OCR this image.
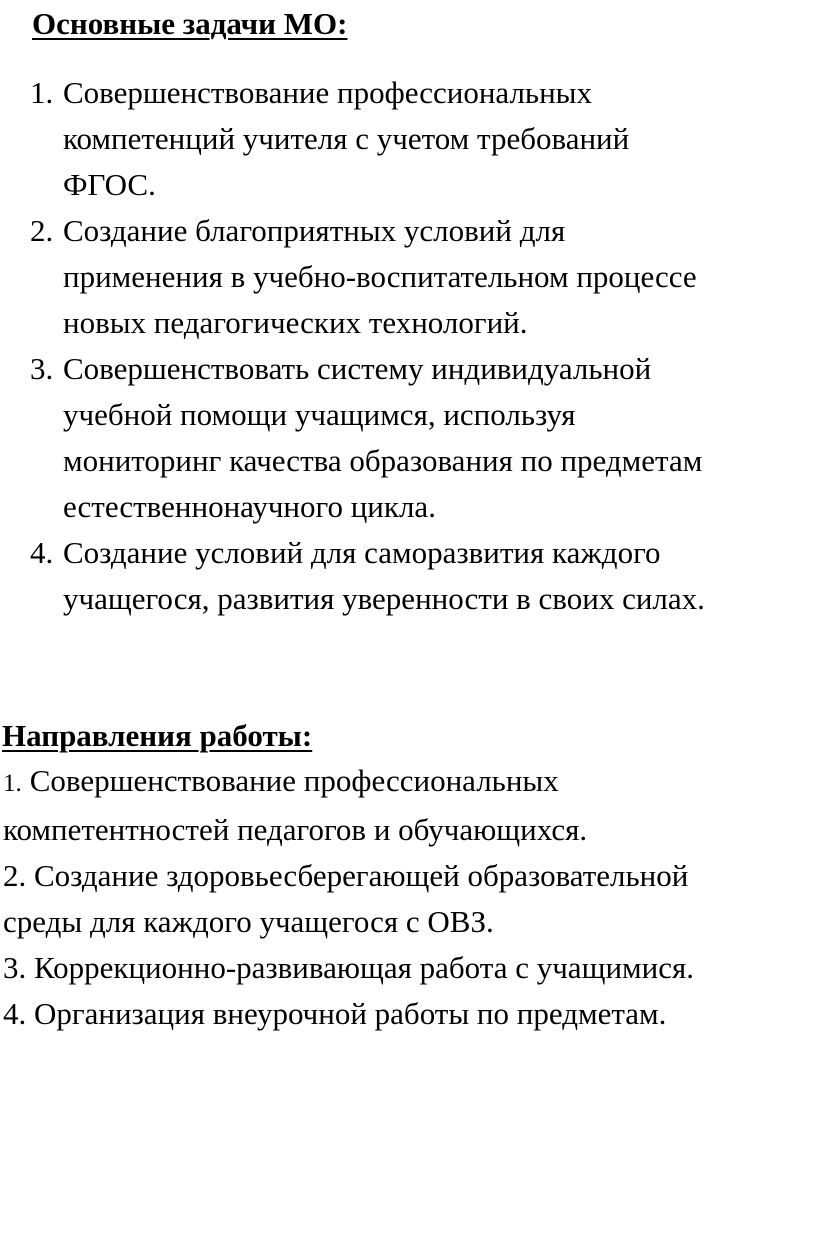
Основные задачи МО:
1. Совершенствование профессиональных
компетенций учителя с учетом требований
ФГОС.
2. Создание благоприятных условий для
применения в учебно-воспитательном процессе
новых педагогических технологий.
3. Совершенствовать систему индивидуальной
учебной помощи учащимся, используя
мониторинг качества образования по предметам
естественнонаучного цикла.
4. Создание условий для саморазвития каждого
учащегося, развития уверенности в своих силах.
Направления работы:
1. Совершенствование профессиональных
компетентностей педагогов и обучающихся.
2. Создание здоровьесберегающей образовательной
среды для каждого учащегося с ОВЗ.
3. Коррекционно-развивающая работа с учащимися.
4. Организация внеурочной работы по предметам.
